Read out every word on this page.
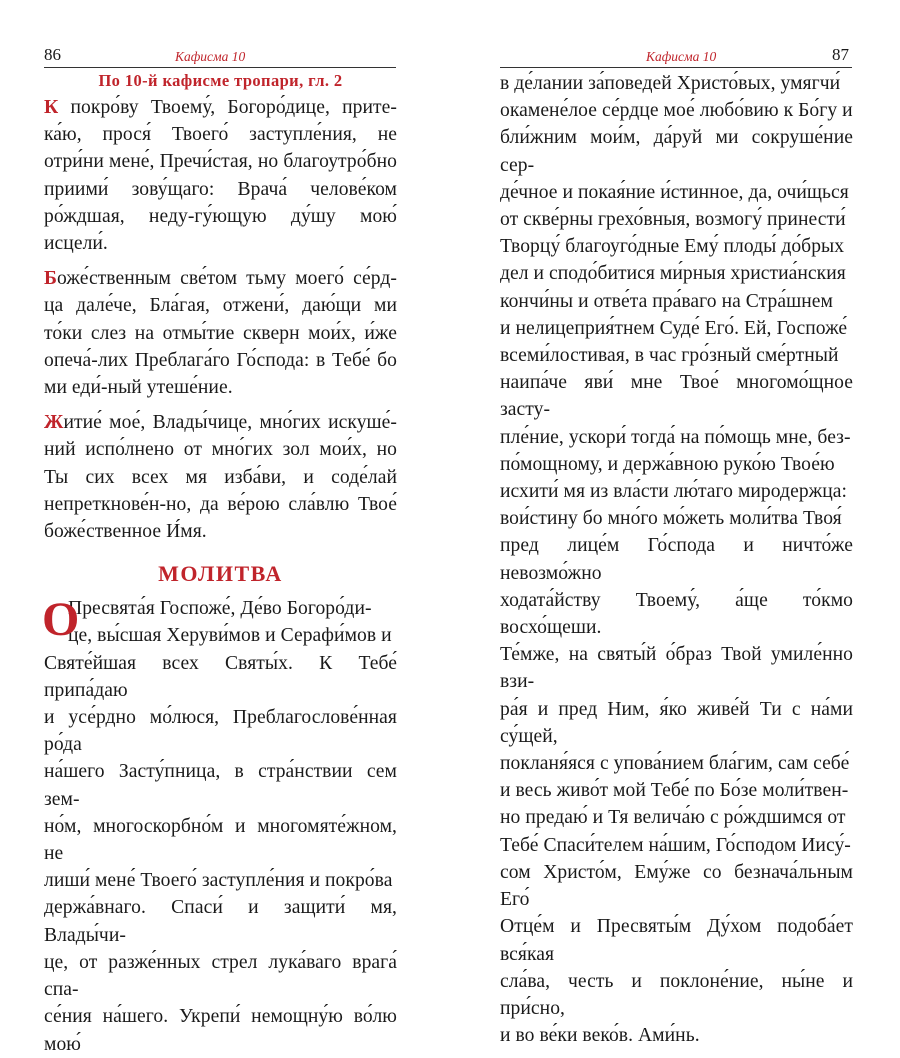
86	Кафисма 10
По 10-й кафисме тропари, гл. 2

К покро́ву Твоему́, Богоро́дице, прите-ка́ю, прося́ Твоего́ заступле́ния, не отри́ни мене́, Пречи́стая, но благоутро́бно приими́ зову́щаго: Врача́ челове́ком ро́ждшая, неду-гу́ющую ду́шу мою́ исцели́.

Боже́ственным све́том тьму моего́ се́рд-ца дале́че, Бла́гая, отжени́, даю́щи ми то́ки слез на отмы́тие скверн мои́х, и́же опеча́-лих Преблага́го Го́спода: в Тебе́ бо ми еди́-ный утеше́ние.

Житие́ мое́, Влады́чице, мно́гих искуше́-ний испо́лнено от мно́гих зол мои́х, но Ты сих всех мя изба́ви, и соде́лай непреткнове́н-но, да ве́рою сла́влю Твое́ боже́ственное И́мя.

МОЛИТВА
О
Пресвята́я Госпоже́, Де́во Богоро́ди-
це, вы́сшая Херуви́мов и Серафи́мов и
Святе́йшая всех Святы́х. К Тебе́ припа́даю
и усе́рдно мо́люся, Преблагослове́нная ро́да
на́шего Засту́пница, в стра́нствии сем зем-
но́м, многоскорбно́м и многомяте́жном, не
лиши́ мене́ Твоего́ заступле́ния и покро́ва
держа́внаго. Спаси́ и защити́ мя, Влады́чи-
це, от разже́нных стрел лука́ваго врага́ спа-
се́ния на́шего. Укрепи́ немощну́ю во́лю мою́
87
Кафисма 10
в де́лании за́поведей Христо́вых, умягчи́
окамене́лое се́рдце мое́ любо́вию к Бо́гу и
бли́жним мои́м, да́руй ми сокруше́ние сер-
де́чное и покая́ние и́стинное, да, очи́щься
от скве́рны грехо́вныя, возмогу́ принести́
Творцу́ благоуго́дные Ему́ плоды́ до́брых
дел и сподо́битися ми́рныя христиа́нския
кончи́ны и отве́та пра́ваго на Стра́шнем
и нелицеприя́тнем Суде́ Его́. Ей, Госпоже́
всеми́лостивая, в час гро́зный сме́ртный
наипа́че яви́ мне Твое́ многомо́щное засту-
пле́ние, ускори́ тогда́ на по́мощь мне, без-
по́мощному, и держа́вною руко́ю Твое́ю
исхити́ мя из вла́сти лю́таго миродержца:
вои́стину бо мно́го мо́жеть моли́тва Твоя́
пред лице́м Го́спода и ничто́же невозмо́жно
ходата́йству Твоему́, а́ще то́кмо восхо́щеши.
Те́мже, на святы́й о́браз Твой умиле́нно взи-
ра́я и пред Ним, я́ко живе́й Ти с на́ми су́щей,
покланя́яся с упова́нием бла́гим, сам себе́
и весь живо́т мой Тебе́ по Бо́зе моли́твен-
но предаю́ и Тя велича́ю с ро́ждшимся от
Тебе́ Спаси́телем на́шим, Го́сподом Иису́-
сом Христо́м, Ему́же со безнача́льным Его́
Отце́м и Пресвяты́м Ду́хом подоба́ет вся́кая
сла́ва, честь и поклоне́ние, ны́не и при́сно,
и во ве́ки веко́в. Ами́нь.
